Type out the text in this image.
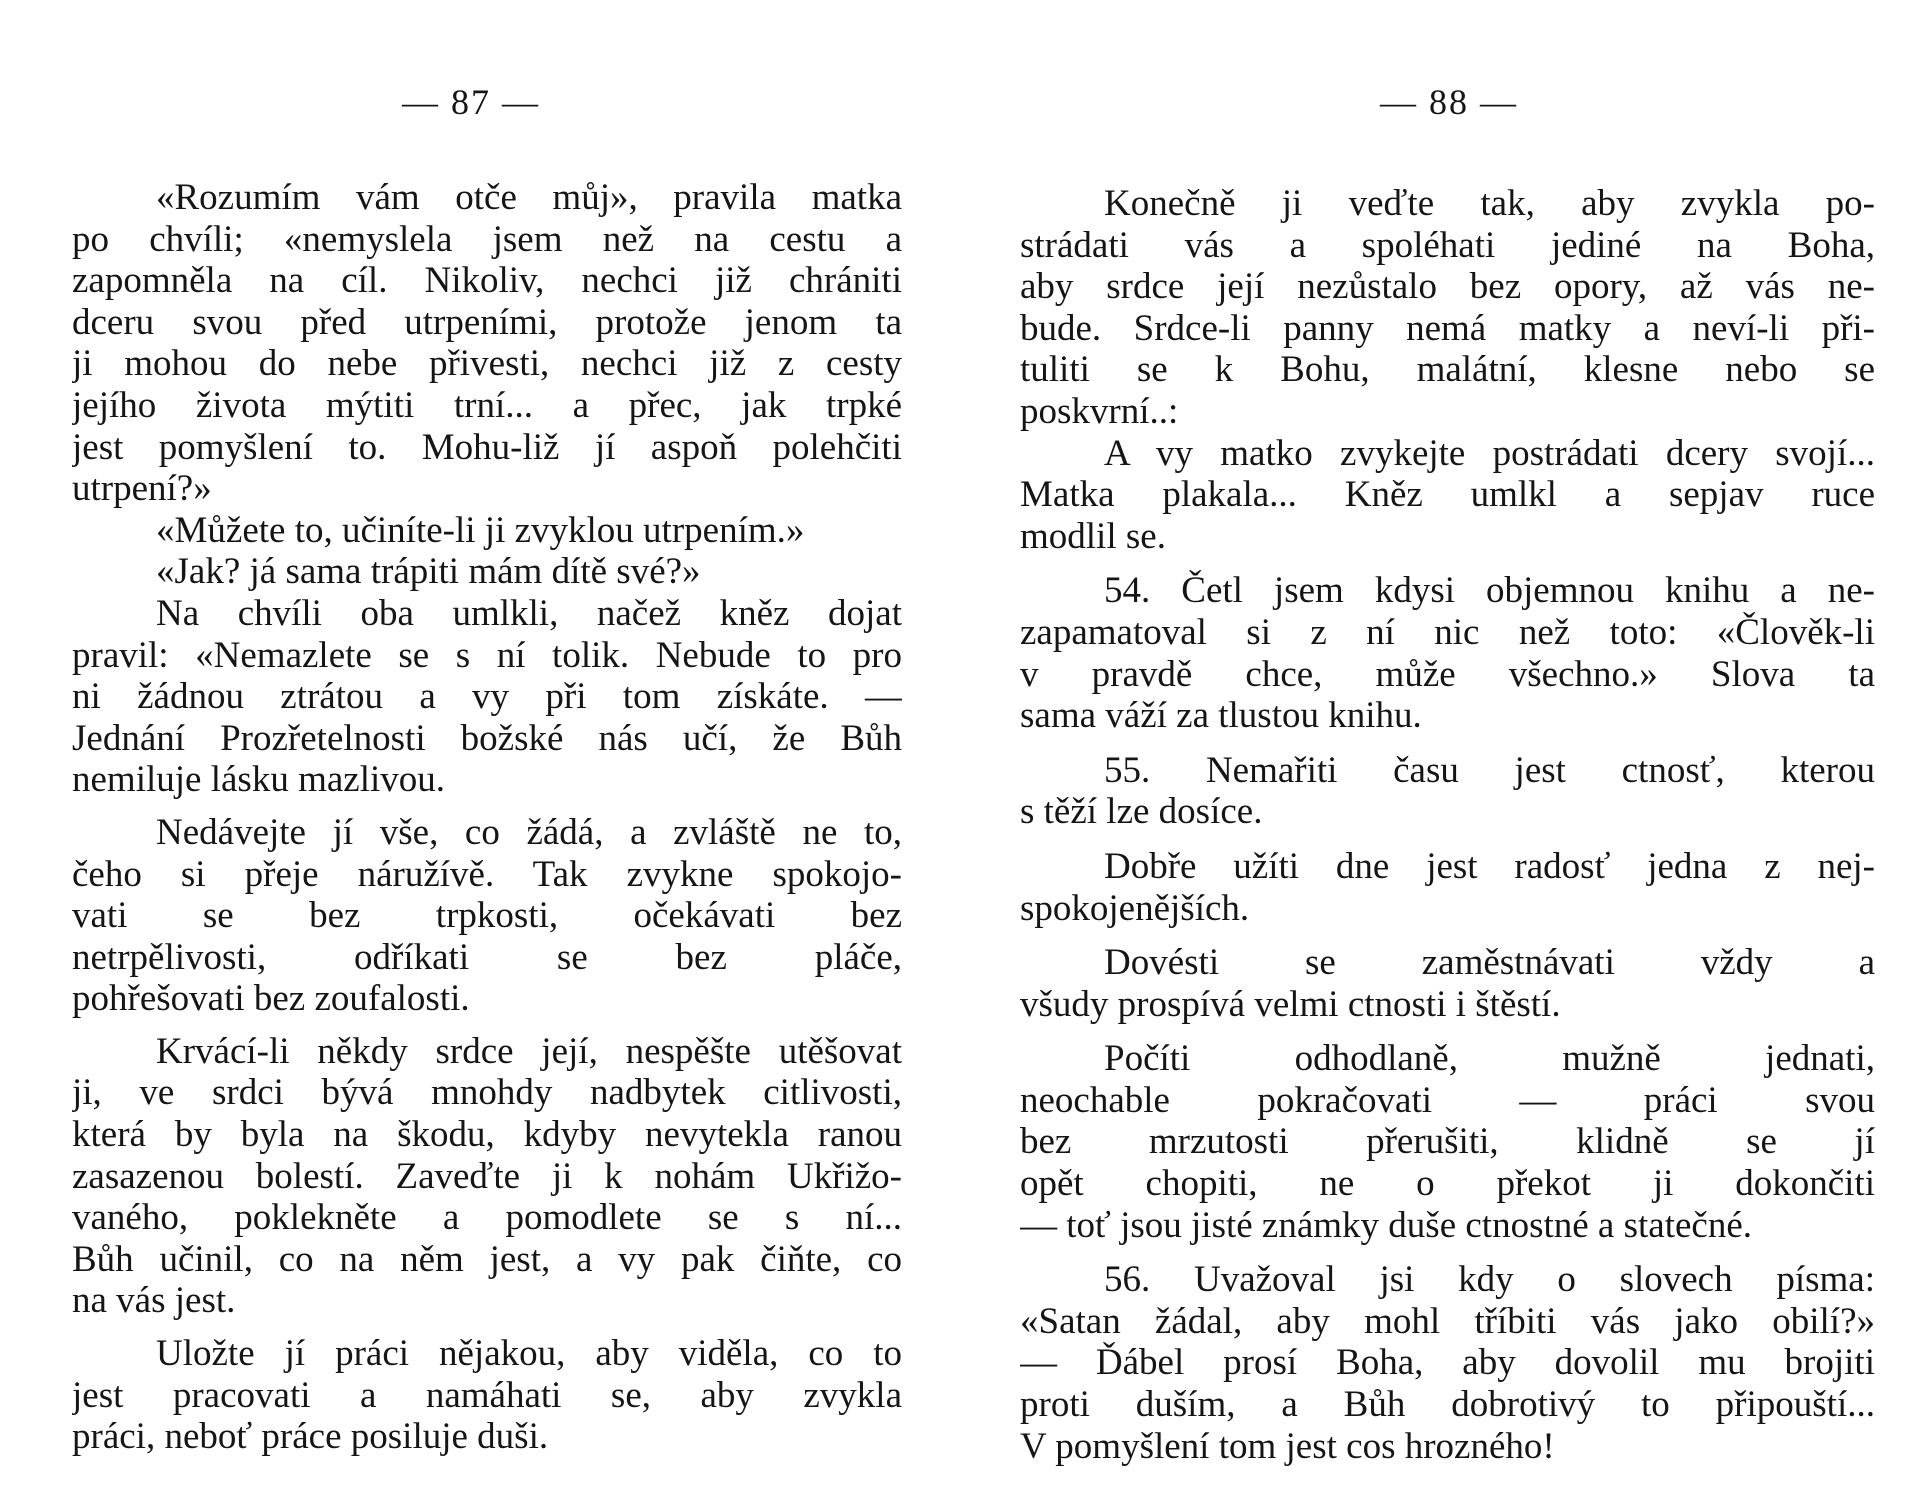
— 87 —
«Rozumím vám otče můj», pravila matka
po chvíli; «nemyslela jsem než na cestu a
zapomněla na cíl. Nikoliv, nechci již chrániti
dceru svou před utrpeními, protože jenom ta
ji mohou do nebe přivesti, nechci již z cesty
jejího života mýtiti trní... a přec, jak trpké
jest pomyšlení to. Mohu-liž jí aspoň polehčiti
utrpení?»
«Můžete to, učiníte-li ji zvyklou utrpením.»
«Jak? já sama trápiti mám dítě své?»
Na chvíli oba umlkli, načež kněz dojat
pravil: «Nemazlete se s ní tolik. Nebude to pro
ni žádnou ztrátou a vy při tom získáte. —
Jednání Prozřetelnosti božské nás učí, že Bůh
nemiluje lásku mazlivou.
Nedávejte jí vše, co žádá, a zvláště ne to,
čeho si přeje náružívě. Tak zvykne spokojo-
vati se bez trpkosti, očekávati bez
netrpělivosti, odříkati se bez pláče,
pohřešovati bez zoufalosti.
Krvácí-li někdy srdce její, nespěšte utěšovat
ji, ve srdci bývá mnohdy nadbytek citlivosti,
která by byla na škodu, kdyby nevytekla ranou
zasazenou bolestí. Zaveďte ji k nohám Ukřižo-
vaného, poklekněte a pomodlete se s ní...
Bůh učinil, co na něm jest, a vy pak čiňte, co
na vás jest.
Uložte jí práci nějakou, aby viděla, co to
jest pracovati a namáhati se, aby zvykla
práci, neboť práce posiluje duši.
— 88 —
Konečně ji veďte tak, aby zvykla po-
strádati vás a spoléhati jediné na Boha,
aby srdce její nezůstalo bez opory, až vás ne-
bude. Srdce-li panny nemá matky a neví-li při-
tuliti se k Bohu, malátní, klesne nebo se
poskvrní..:
A vy matko zvykejte postrádati dcery svojí...
Matka plakala... Kněz umlkl a sepjav ruce
modlil se.
54. Četl jsem kdysi objemnou knihu a ne-
zapamatoval si z ní nic než toto: «Člověk-li
v pravdě chce, může všechno.» Slova ta
sama váží za tlustou knihu.
55. Nemařiti času jest ctnosť, kterou
s těží lze dosíce.
Dobře užíti dne jest radosť jedna z nej-
spokojenějších.
Dovésti se zaměstnávati vždy a
všudy prospívá velmi ctnosti i štěstí.
Počíti odhodlaně, mužně jednati,
neochable pokračovati — práci svou
bez mrzutosti přerušiti, klidně se jí
opět chopiti, ne o překot ji dokončiti
— toť jsou jisté známky duše ctnostné a statečné.
56. Uvažoval jsi kdy o slovech písma:
«Satan žádal, aby mohl tříbiti vás jako obilí?»
— Ďábel prosí Boha, aby dovolil mu brojiti
proti duším, a Bůh dobrotivý to připouští...
V pomyšlení tom jest cos hrozného!
